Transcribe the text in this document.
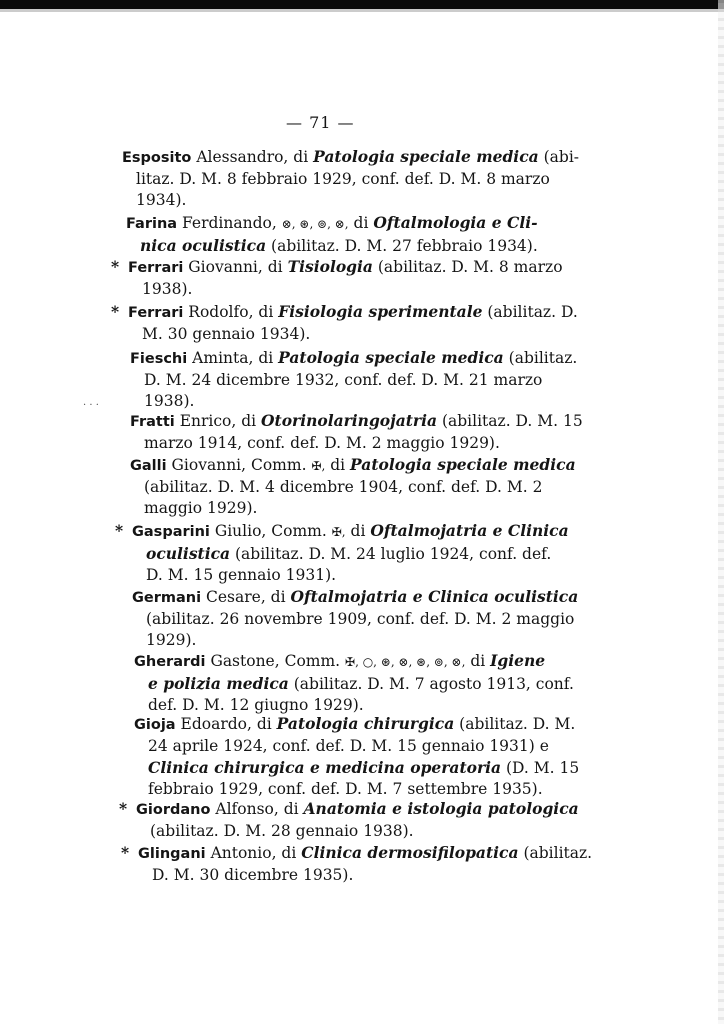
— 71 —
· · ·
Esposito Alessandro, di Patologia speciale medica (abi-
litaz. D. M. 8 febbraio 1929, conf. def. D. M. 8 marzo
1934).
Farina Ferdinando, ⊗, ⊛, ⊚, ⊗, di Oftalmologia e Cli-
nica oculistica (abilitaz. D. M. 27 febbraio 1934).
* Ferrari Giovanni, di Tisiologia (abilitaz. D. M. 8 marzo
1938).
* Ferrari Rodolfo, di Fisiologia sperimentale (abilitaz. D.
M. 30 gennaio 1934).
Fieschi Aminta, di Patologia speciale medica (abilitaz.
D. M. 24 dicembre 1932, conf. def. D. M. 21 marzo
1938).
Fratti Enrico, di Otorinolaringojatria (abilitaz. D. M. 15
marzo 1914, conf. def. D. M. 2 maggio 1929).
Galli Giovanni, Comm. ✠, di Patologia speciale medica
(abilitaz. D. M. 4 dicembre 1904, conf. def. D. M. 2
maggio 1929).
* Gasparini Giulio, Comm. ✠, di Oftalmojatria e Clinica
oculistica (abilitaz. D. M. 24 luglio 1924, conf. def.
D. M. 15 gennaio 1931).
Germani Cesare, di Oftalmojatria e Clinica oculistica
(abilitaz. 26 novembre 1909, conf. def. D. M. 2 maggio
1929).
Gherardi Gastone, Comm. ✠, ○, ⊛, ⊗, ⊛, ⊚, ⊗, di Igiene
e polizia medica (abilitaz. D. M. 7 agosto 1913, conf.
def. D. M. 12 giugno 1929).
Gioja Edoardo, di Patologia chirurgica (abilitaz. D. M.
24 aprile 1924, conf. def. D. M. 15 gennaio 1931) e
Clinica chirurgica e medicina operatoria (D. M. 15
febbraio 1929, conf. def. D. M. 7 settembre 1935).
* Giordano Alfonso, di Anatomia e istologia patologica
(abilitaz. D. M. 28 gennaio 1938).
* Glingani Antonio, di Clinica dermosifilopatica (abilitaz.
D. M. 30 dicembre 1935).
